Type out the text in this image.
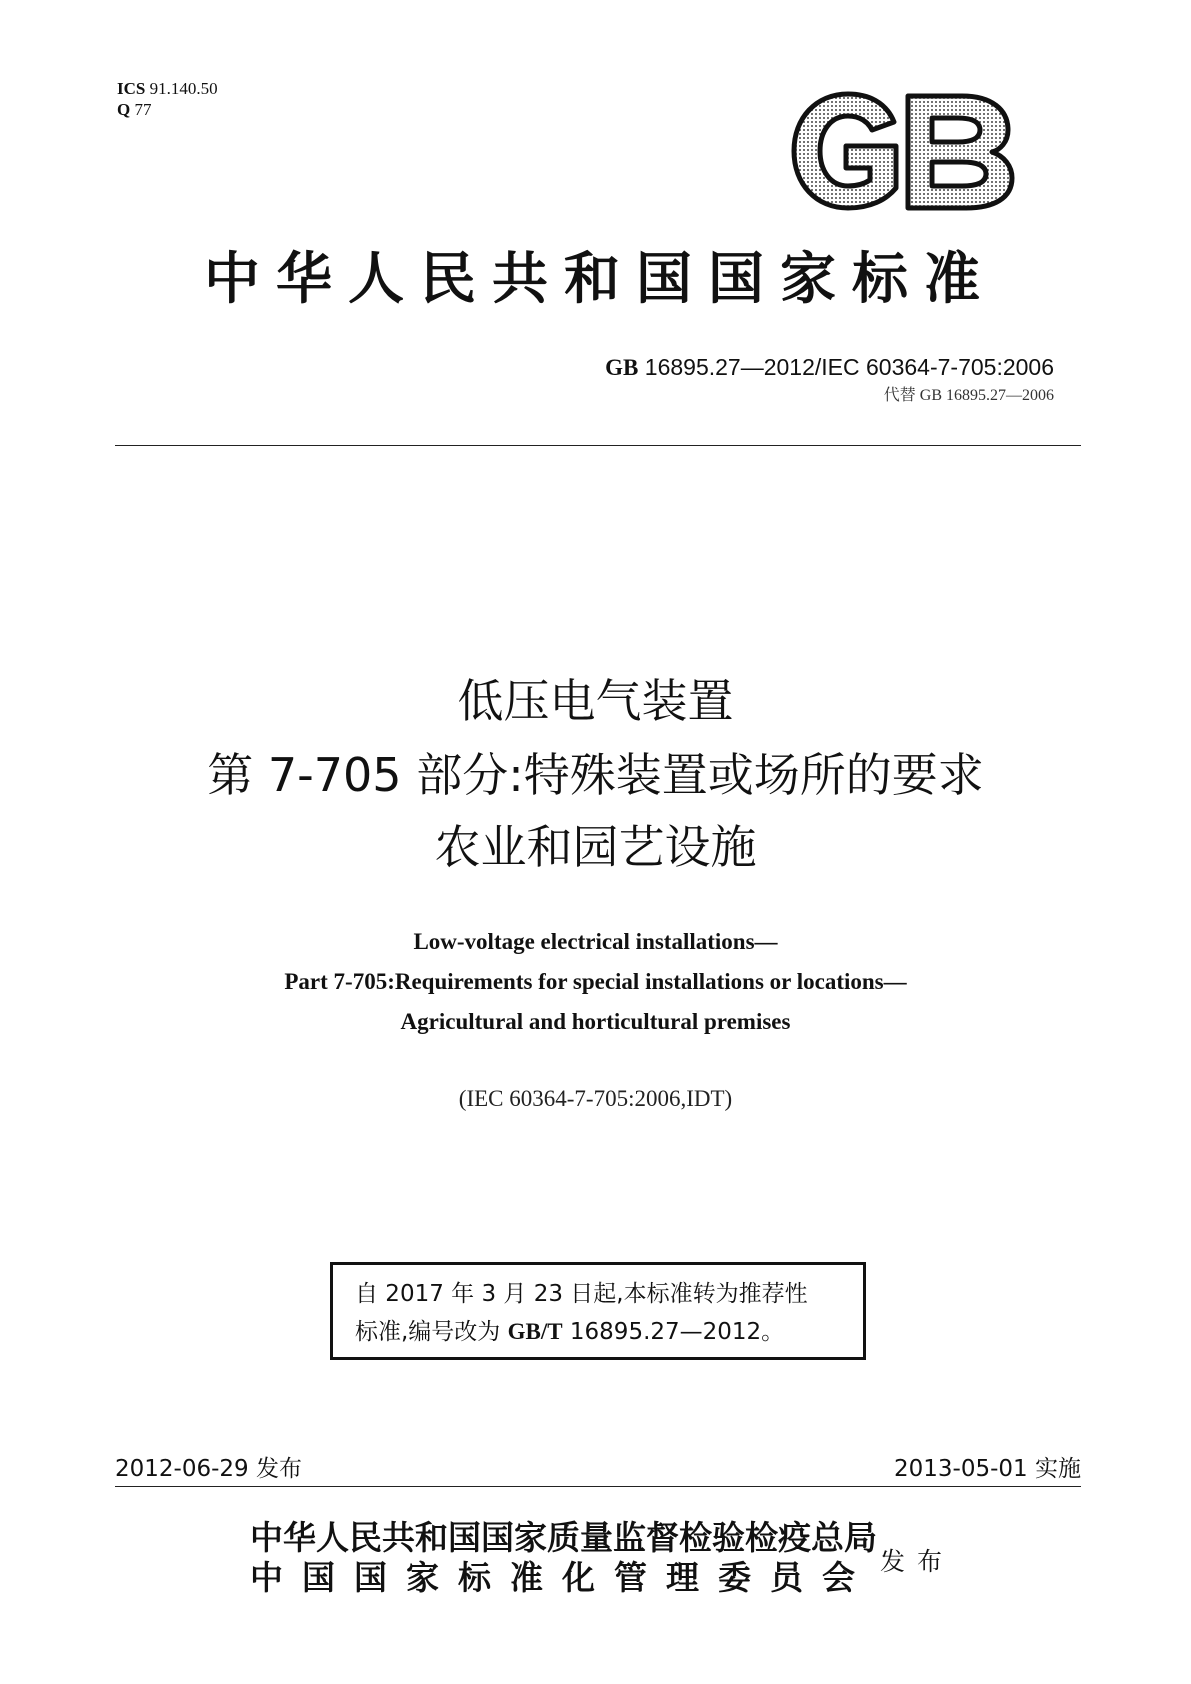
ICS 91.140.50
Q 77
中华人民共和国国家标准
GB 16895.27—2012/IEC 60364-7-705:2006
代替 GB 16895.27—2006
低压电气装置
第 7-705 部分:特殊装置或场所的要求
农业和园艺设施
Low-voltage electrical installations—
Part 7-705:Requirements for special installations or locations—
Agricultural and horticultural premises
(IEC 60364-7-705:2006,IDT)
自 2017 年 3 月 23 日起,本标准转为推荐性
标准,编号改为 GB/T 16895.27—2012。
2012-06-29 发布	2013-05-01 实施
中华人民共和国国家质量监督检验检疫总局
中国国家标准化管理委员会 发布
